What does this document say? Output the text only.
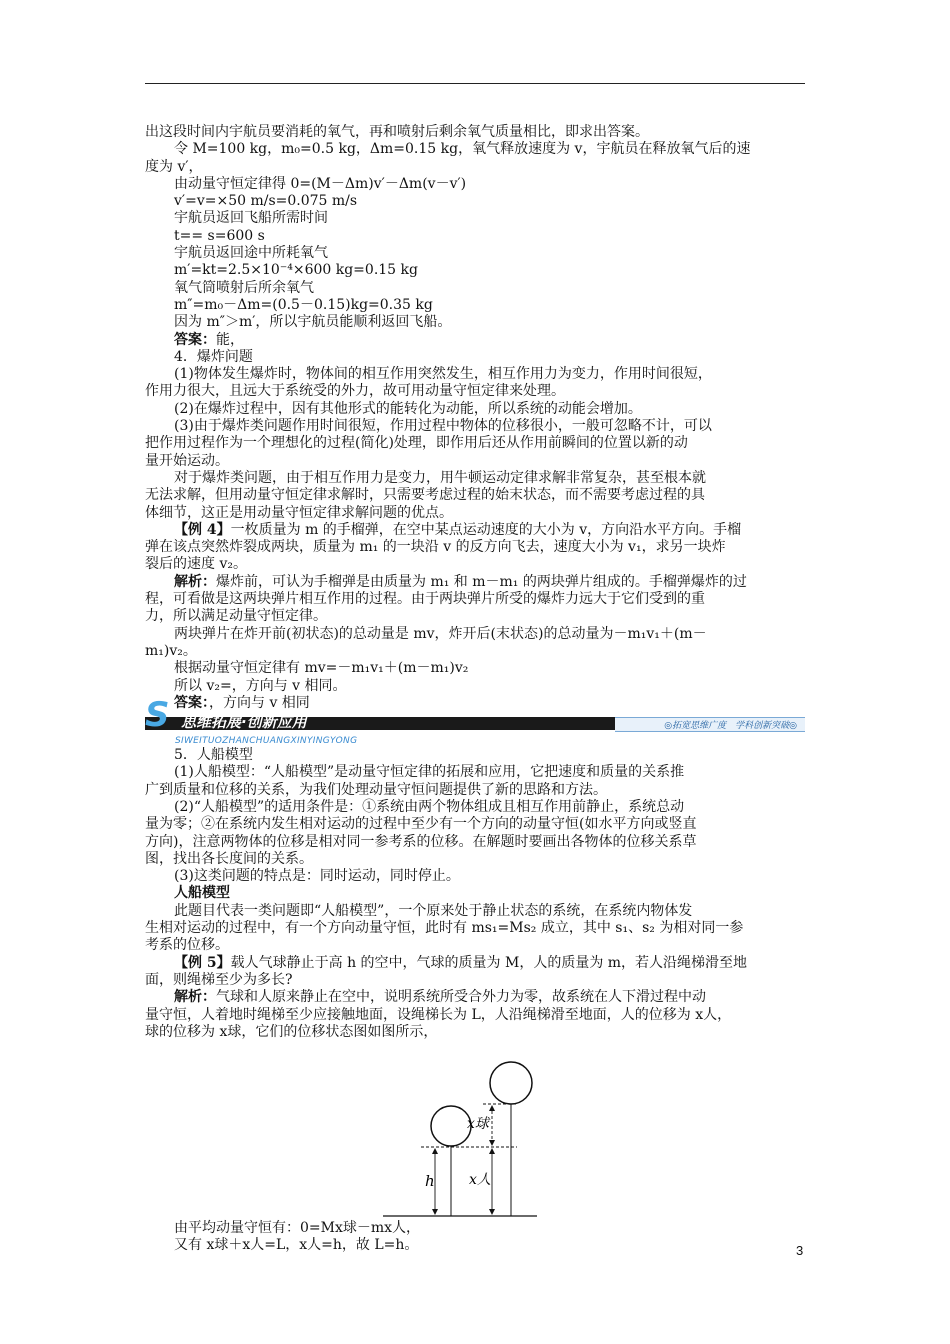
出这段时间内宇航员要消耗的氧气，再和喷射后剩余氧气质量相比，即求出答案。

令 M=100 kg，m₀=0.5 kg，Δm=0.15 kg，氧气释放速度为 v，宇航员在释放氧气后的速

度为 v′，

由动量守恒定律得 0=(M－Δm)v′－Δm(v－v′)

v′=v=×50 m/s=0.075 m/s

宇航员返回飞船所需时间

t== s=600 s

宇航员返回途中所耗氧气

m′=kt=2.5×10⁻⁴×600 kg=0.15 kg

氧气筒喷射后所余氧气

m″=m₀－Δm=(0.5－0.15)kg=0.35 kg

因为 m″＞m′，所以宇航员能顺利返回飞船。

答案：能，

4．爆炸问题

(1)物体发生爆炸时，物体间的相互作用突然发生，相互作用力为变力，作用时间很短，

作用力很大，且远大于系统受的外力，故可用动量守恒定律来处理。

(2)在爆炸过程中，因有其他形式的能转化为动能，所以系统的动能会增加。

(3)由于爆炸类问题作用时间很短，作用过程中物体的位移很小，一般可忽略不计，可以

把作用过程作为一个理想化的过程(简化)处理，即作用后还从作用前瞬间的位置以新的动

量开始运动。

对于爆炸类问题，由于相互作用力是变力，用牛顿运动定律求解非常复杂，甚至根本就

无法求解，但用动量守恒定律求解时，只需要考虑过程的始末状态，而不需要考虑过程的具

体细节，这正是用动量守恒定律求解问题的优点。

【例 4】一枚质量为 m 的手榴弹，在空中某点运动速度的大小为 v，方向沿水平方向。手榴

弹在该点突然炸裂成两块，质量为 m₁ 的一块沿 v 的反方向飞去，速度大小为 v₁，求另一块炸

裂后的速度 v₂。

解析：爆炸前，可认为手榴弹是由质量为 m₁ 和 m－m₁ 的两块弹片组成的。手榴弹爆炸的过

程，可看做是这两块弹片相互作用的过程。由于两块弹片所受的爆炸力远大于它们受到的重

力，所以满足动量守恒定律。

两块弹片在炸开前(初状态)的总动量是 mv，炸开后(末状态)的总动量为－m₁v₁＋(m－

m₁)v₂。

根据动量守恒定律有 mv=－m₁v₁＋(m－m₁)v₂

所以 v₂=，方向与 v 相同。

答案：，方向与 v 相同

S 思维拓展·创新应用
SIWEITUOZHANCHUANGXINYINGYONG
◎拓宽思维广度　学科创新突破◎

5．人船模型

(1)人船模型：“人船模型”是动量守恒定律的拓展和应用，它把速度和质量的关系推

广到质量和位移的关系，为我们处理动量守恒问题提供了新的思路和方法。

(2)“人船模型”的适用条件是：①系统由两个物体组成且相互作用前静止，系统总动

量为零；②在系统内发生相对运动的过程中至少有一个方向的动量守恒(如水平方向或竖直

方向)，注意两物体的位移是相对同一参考系的位移。在解题时要画出各物体的位移关系草

图，找出各长度间的关系。

(3)这类问题的特点是：同时运动，同时停止。

人船模型

此题目代表一类问题即“人船模型”，一个原来处于静止状态的系统，在系统内物体发

生相对运动的过程中，有一个方向动量守恒，此时有 ms₁=Ms₂ 成立，其中 s₁、s₂ 为相对同一参

考系的位移。

【例 5】载人气球静止于高 h 的空中，气球的质量为 M，人的质量为 m，若人沿绳梯滑至地

面，则绳梯至少为多长?

解析：气球和人原来静止在空中，说明系统所受合外力为零，故系统在人下滑过程中动

量守恒，人着地时绳梯至少应接触地面，设绳梯长为 L，人沿绳梯滑至地面，人的位移为 x人，

球的位移为 x球，它们的位移状态图如图所示，

x球
x人
h

由平均动量守恒有：0=Mx球－mx人，

又有 x球＋x人=L，x人=h，故 L=h。	3
